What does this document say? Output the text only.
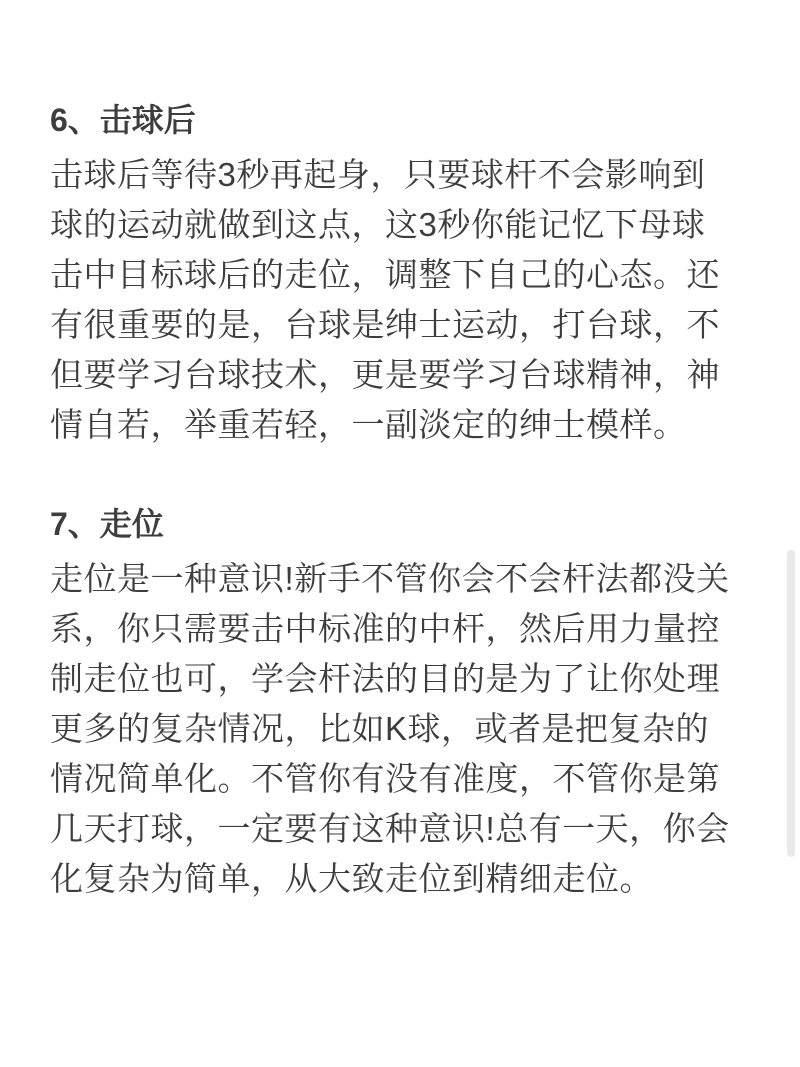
6、击球后
击球后等待3秒再起身，只要球杆不会影响到
球的运动就做到这点，这3秒你能记忆下母球
击中目标球后的走位，调整下自己的心态。还
有很重要的是，台球是绅士运动，打台球，不
但要学习台球技术，更是要学习台球精神，神
情自若，举重若轻，一副淡定的绅士模样。
7、走位
走位是一种意识!新手不管你会不会杆法都没关
系，你只需要击中标准的中杆，然后用力量控
制走位也可，学会杆法的目的是为了让你处理
更多的复杂情况，比如K球，或者是把复杂的
情况简单化。不管你有没有准度，不管你是第
几天打球，一定要有这种意识!总有一天，你会
化复杂为简单，从大致走位到精细走位。
